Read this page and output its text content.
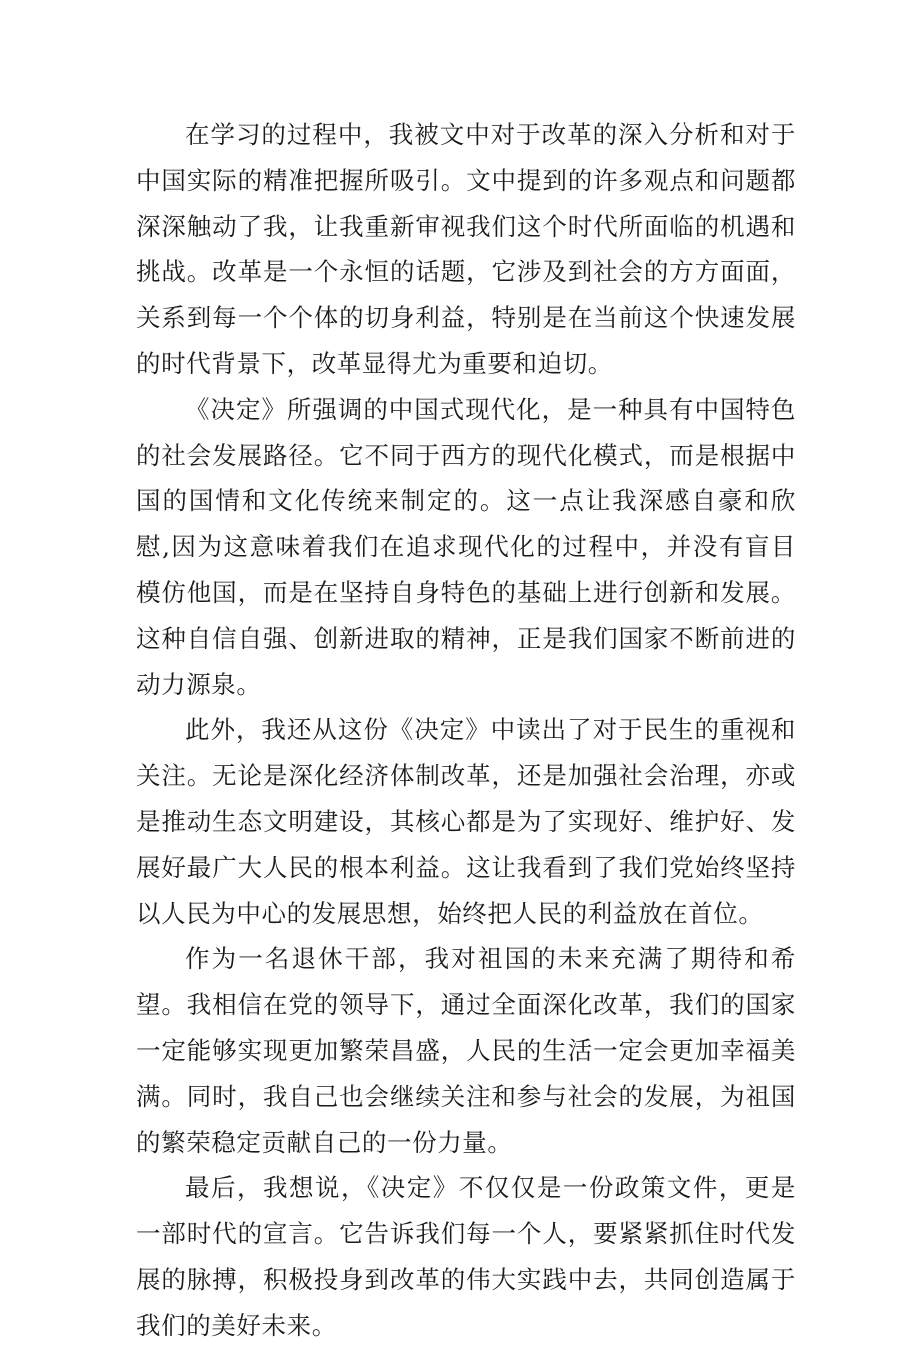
在学习的过程中，我被文中对于改革的深入分析和对于中国实际的精准把握所吸引。文中提到的许多观点和问题都深深触动了我，让我重新审视我们这个时代所面临的机遇和挑战。改革是一个永恒的话题，它涉及到社会的方方面面，关系到每一个个体的切身利益，特别是在当前这个快速发展的时代背景下，改革显得尤为重要和迫切。

《决定》所强调的中国式现代化，是一种具有中国特色的社会发展路径。它不同于西方的现代化模式，而是根据中国的国情和文化传统来制定的。这一点让我深感自豪和欣慰,因为这意味着我们在追求现代化的过程中，并没有盲目模仿他国，而是在坚持自身特色的基础上进行创新和发展。这种自信自强、创新进取的精神，正是我们国家不断前进的动力源泉。

此外，我还从这份《决定》中读出了对于民生的重视和关注。无论是深化经济体制改革，还是加强社会治理，亦或是推动生态文明建设，其核心都是为了实现好、维护好、发展好最广大人民的根本利益。这让我看到了我们党始终坚持以人民为中心的发展思想，始终把人民的利益放在首位。

作为一名退休干部，我对祖国的未来充满了期待和希望。我相信在党的领导下，通过全面深化改革，我们的国家一定能够实现更加繁荣昌盛，人民的生活一定会更加幸福美满。同时，我自己也会继续关注和参与社会的发展，为祖国的繁荣稳定贡献自己的一份力量。

最后，我想说，《决定》不仅仅是一份政策文件，更是一部时代的宣言。它告诉我们每一个人，要紧紧抓住时代发展的脉搏，积极投身到改革的伟大实践中去，共同创造属于我们的美好未来。
